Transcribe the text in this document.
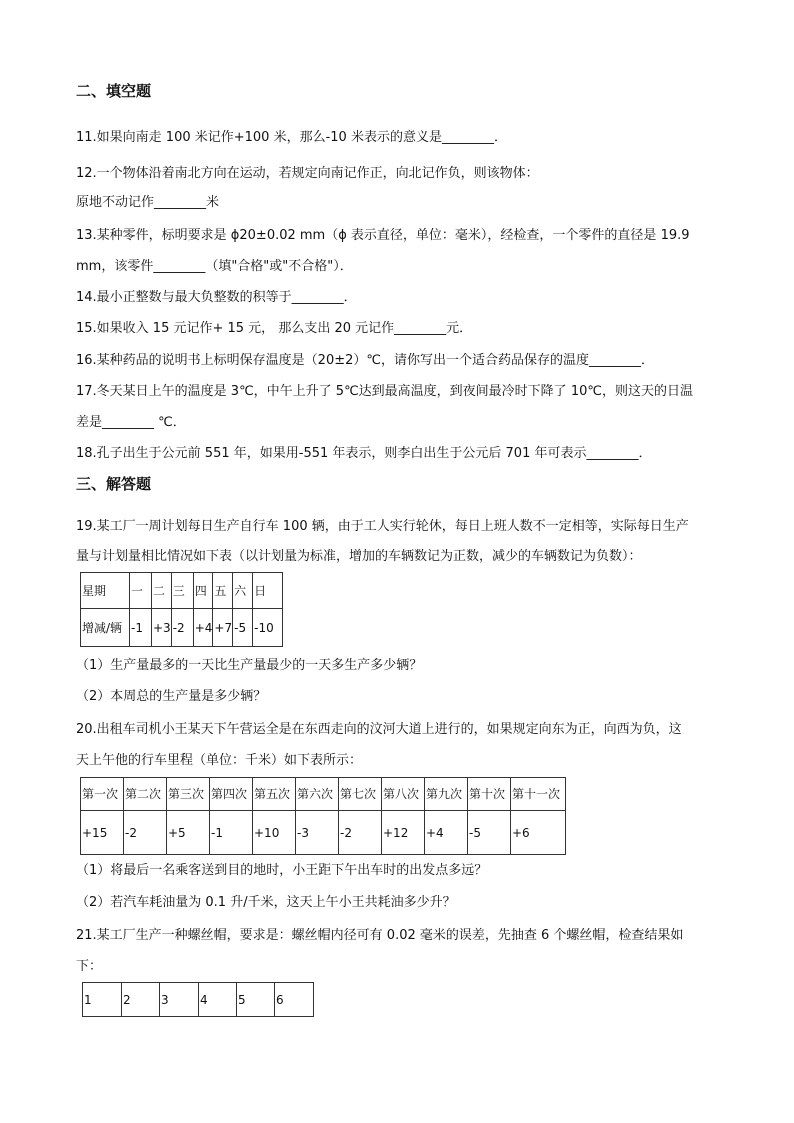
二、填空题
11.如果向南走 100 米记作+100 米，那么-10 米表示的意义是________．
12.一个物体沿着南北方向在运动，若规定向南记作正，向北记作负，则该物体：
原地不动记作________米
13.某种零件，标明要求是 ϕ20±0.02 mm（ϕ 表示直径，单位：毫米），经检查，一个零件的直径是 19.9
mm，该零件________（填"合格"或"不合格"）．
14.最小正整数与最大负整数的积等于________．
15.如果收入 15 元记作+ 15 元， 那么支出 20 元记作________元．
16.某种药品的说明书上标明保存温度是（20±2）℃，请你写出一个适合药品保存的温度________．
17.冬天某日上午的温度是 3℃，中午上升了 5℃达到最高温度，到夜间最冷时下降了 10℃，则这天的日温
差是________ ℃．
18.孔子出生于公元前 551 年，如果用-551 年表示，则李白出生于公元后 701 年可表示________．
三、解答题
19.某工厂一周计划每日生产自行车 100 辆，由于工人实行轮休，每日上班人数不一定相等，实际每日生产
量与计划量相比情况如下表（以计划量为标准，增加的车辆数记为正数，减少的车辆数记为负数）：
星期	一	二	三	四	五	六	日
增减/辆	-1	+3	-2	+4	+7	-5	-10
（1）生产量最多的一天比生产量最少的一天多生产多少辆？
（2）本周总的生产量是多少辆？
20.出租车司机小王某天下午营运全是在东西走向的汶河大道上进行的，如果规定向东为正，向西为负，这
天上午他的行车里程（单位：千米）如下表所示：
第一次	第二次	第三次	第四次	第五次	第六次	第七次	第八次	第九次	第十次	第十一次
+15	-2	+5	-1	+10	-3	-2	+12	+4	-5	+6
（1）将最后一名乘客送到目的地时，小王距下午出车时的出发点多远？
（2）若汽车耗油量为 0.1 升/千米，这天上午小王共耗油多少升？
21.某工厂生产一种螺丝帽，要求是：螺丝帽内径可有 0.02 毫米的误差，先抽查 6 个螺丝帽，检查结果如
下：
1	2	3	4	5	6
